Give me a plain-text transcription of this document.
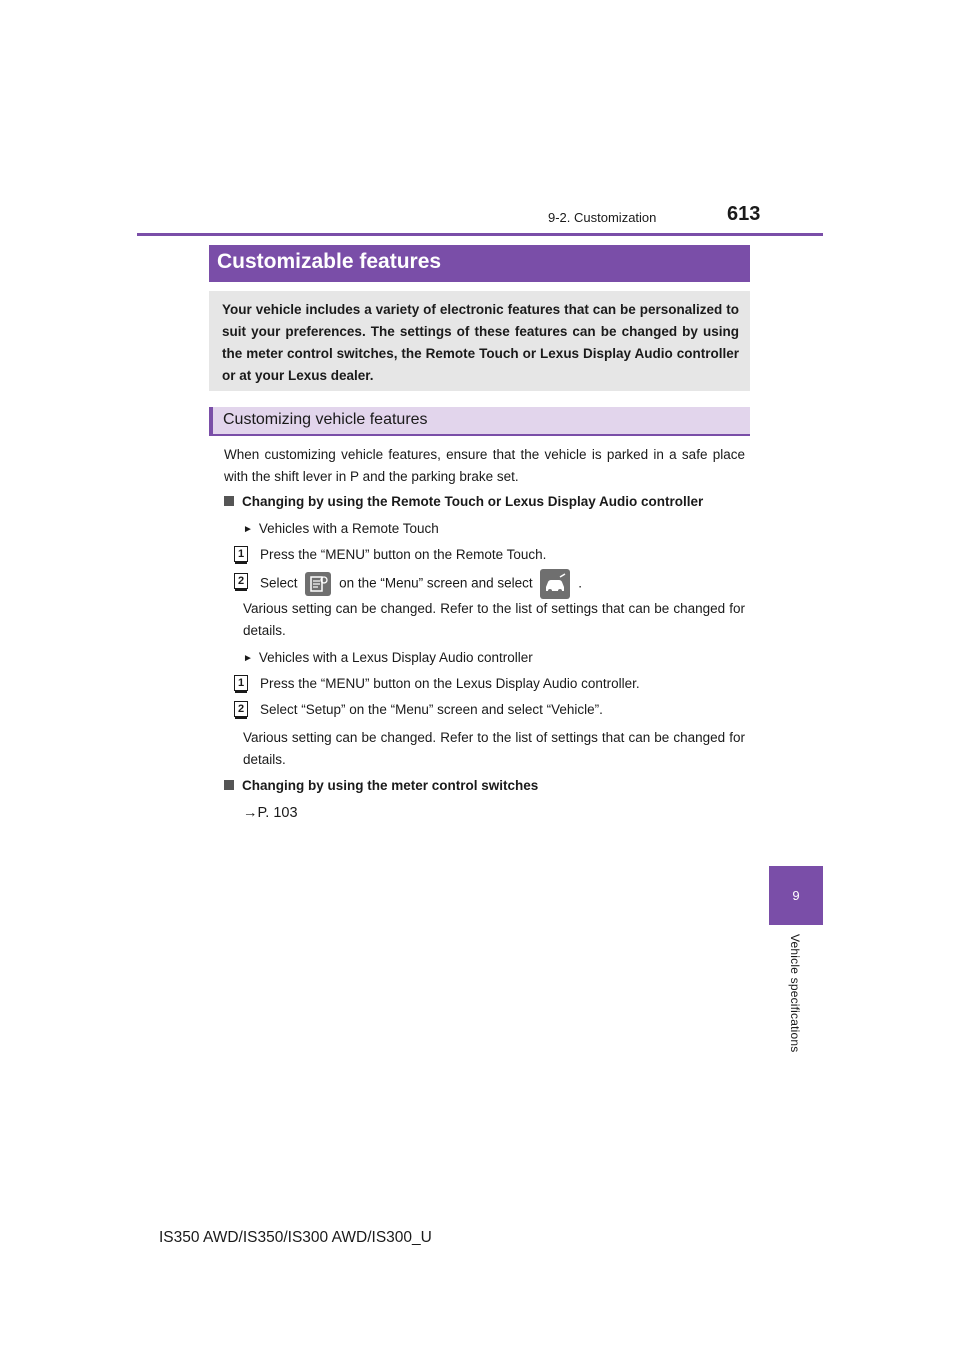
9-2. Customization	613
9
Vehicle specifications
Customizable features

Your vehicle includes a variety of electronic features that can be personalized to suit your preferences. The settings of these features can be changed by using the meter control switches, the Remote Touch or Lexus Display Audio controller or at your Lexus dealer.

Customizing vehicle features
When customizing vehicle features, ensure that the vehicle is parked in a safe place with the shift lever in P and the parking brake set.
Changing by using the Remote Touch or Lexus Display Audio controller
► Vehicles with a Remote Touch
1 Press the “MENU” button on the Remote Touch.
2 Select	on the “Menu” screen and select	.
Various setting can be changed. Refer to the list of settings that can be changed for details.
► Vehicles with a Lexus Display Audio controller
1 Press the “MENU” button on the Lexus Display Audio controller.
2 Select “Setup” on the “Menu” screen and select “Vehicle”.
Various setting can be changed. Refer to the list of settings that can be changed for details.
Changing by using the meter control switches
→P. 103
IS350 AWD/IS350/IS300 AWD/IS300_U
